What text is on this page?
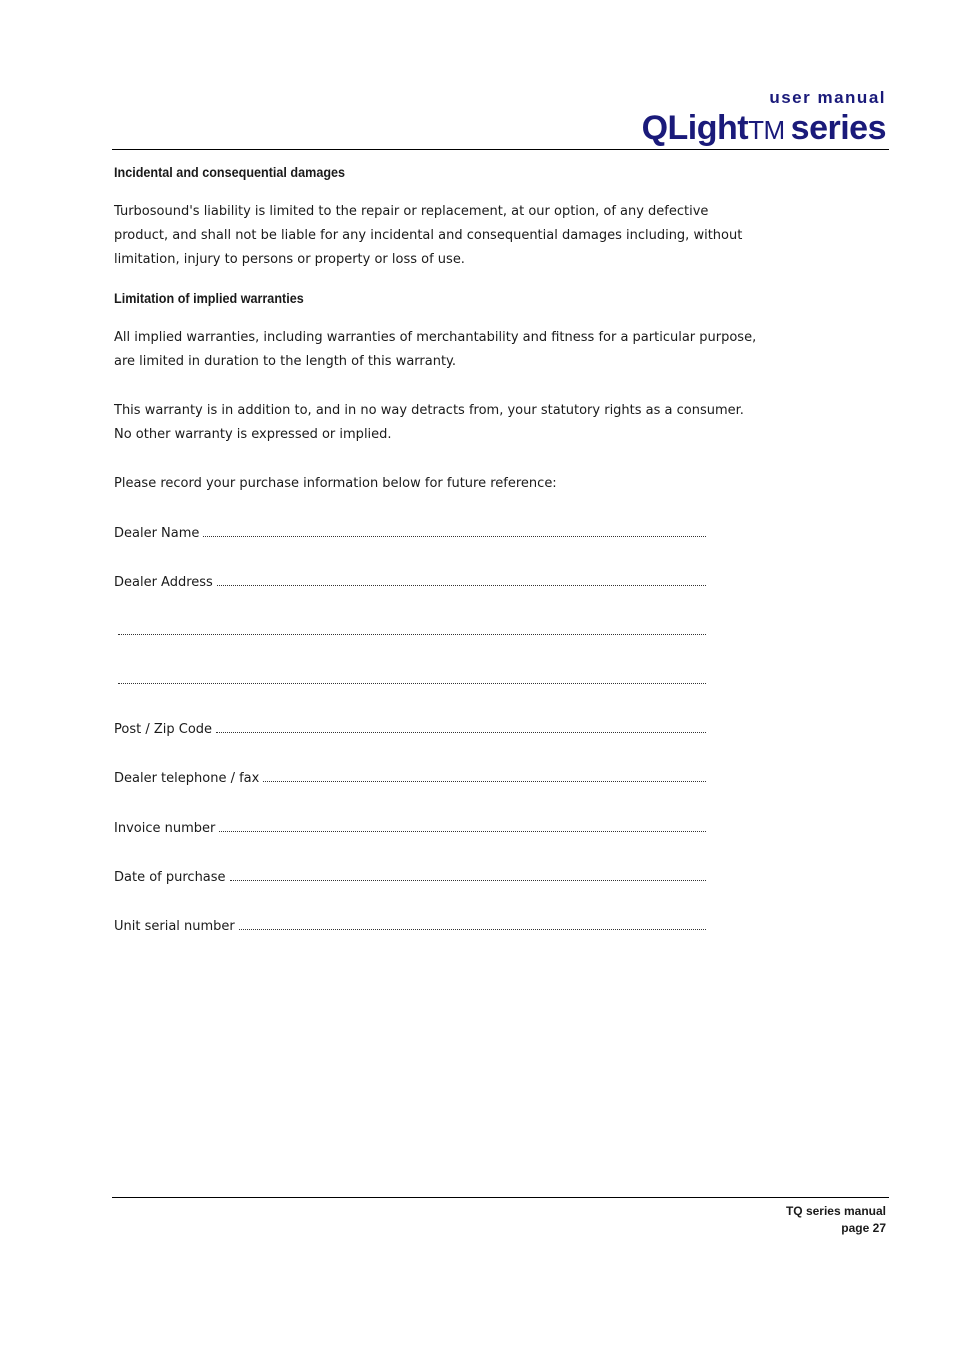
user manual
QLightTM series
Incidental and consequential damages

Turbosound's liability is limited to the repair or replacement, at our option, of any defective
product, and shall not be liable for any incidental and consequential damages including, without
limitation, injury to persons or property or loss of use.

Limitation of implied warranties

All implied warranties, including warranties of merchantability and fitness for a particular purpose,
are limited in duration to the length of this warranty.

This warranty is in addition to, and in no way detracts from, your statutory rights as a consumer.
No other warranty is expressed or implied.

Please record your purchase information below for future reference:

Dealer Name
Dealer Address
Post / Zip Code
Dealer telephone / fax
Invoice number
Date of purchase
Unit serial number
TQ series manual
page 27
